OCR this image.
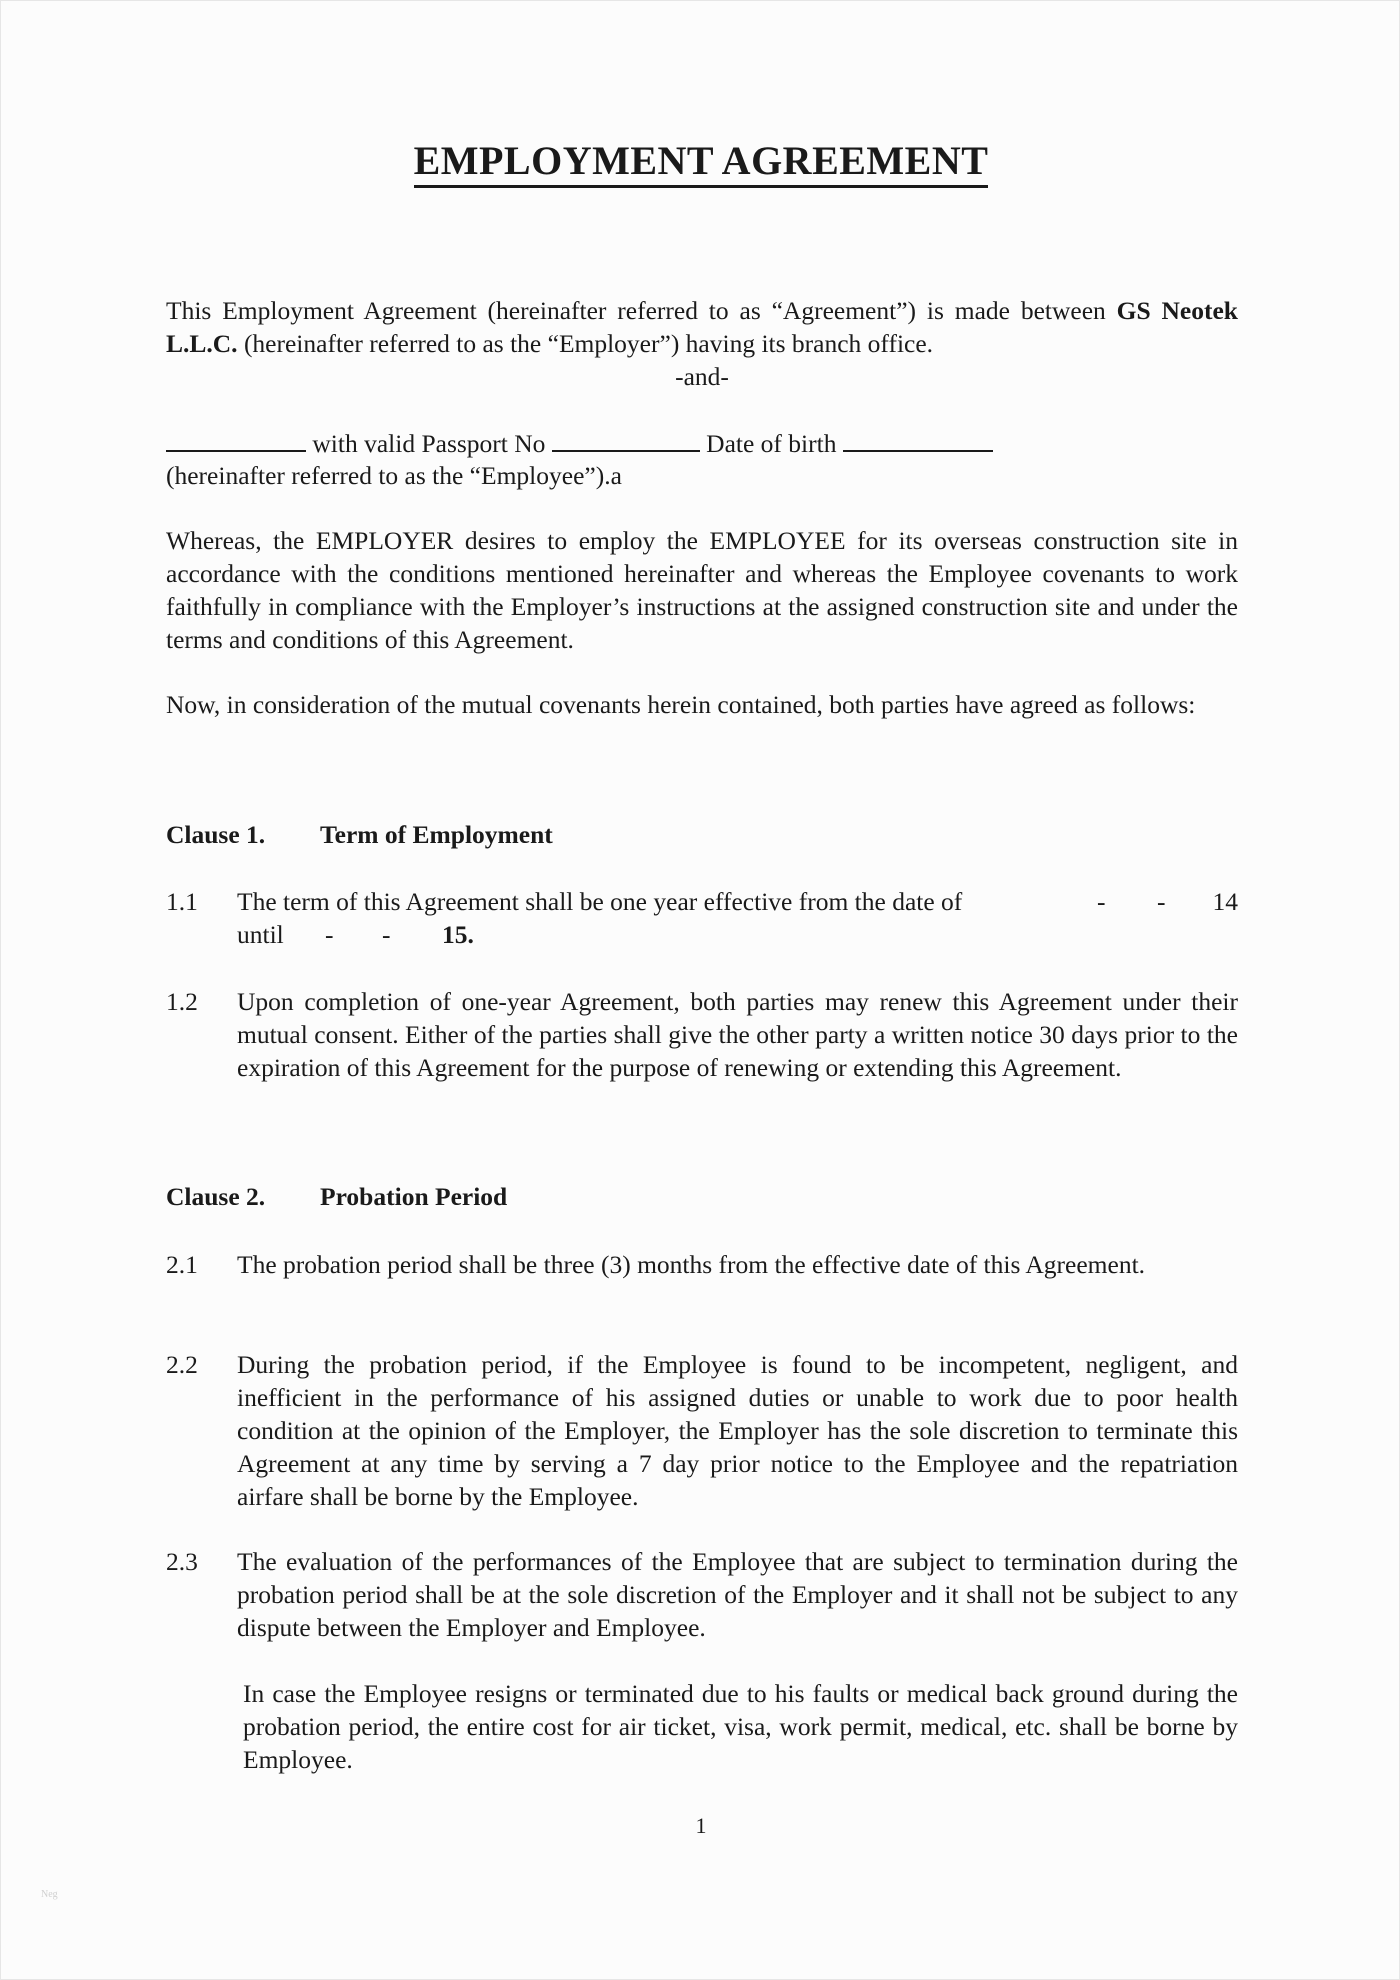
EMPLOYMENT AGREEMENT
This Employment Agreement (hereinafter referred to as “Agreement”) is made between GS Neotek L.L.C. (hereinafter referred to as the “Employer”) having its branch office.
-and-
with valid Passport No	Date of birth
(hereinafter referred to as the “Employee”).a
Whereas, the EMPLOYER desires to employ the EMPLOYEE for its overseas construction site in accordance with the conditions mentioned hereinafter and whereas the Employee covenants to work faithfully in compliance with the Employer’s instructions at the assigned construction site and under the terms and conditions of this Agreement.
Now, in consideration of the mutual covenants herein contained, both parties have agreed as follows:
Clause 1. Term of Employment
1.1 The term of this Agreement shall be one year effective from the date of	- - 14
until - - 15.
1.2 Upon completion of one-year Agreement, both parties may renew this Agreement under their mutual consent. Either of the parties shall give the other party a written notice 30 days prior to the expiration of this Agreement for the purpose of renewing or extending this Agreement.
Clause 2. Probation Period
2.1 The probation period shall be three (3) months from the effective date of this Agreement.
2.2 During the probation period, if the Employee is found to be incompetent, negligent, and inefficient in the performance of his assigned duties or unable to work due to poor health condition at the opinion of the Employer, the Employer has the sole discretion to terminate this Agreement at any time by serving a 7 day prior notice to the Employee and the repatriation airfare shall be borne by the Employee.
2.3 The evaluation of the performances of the Employee that are subject to termination during the probation period shall be at the sole discretion of the Employer and it shall not be subject to any dispute between the Employer and Employee.
In case the Employee resigns or terminated due to his faults or medical back ground during the probation period, the entire cost for air ticket, visa, work permit, medical, etc. shall be borne by Employee.
1
Neg
